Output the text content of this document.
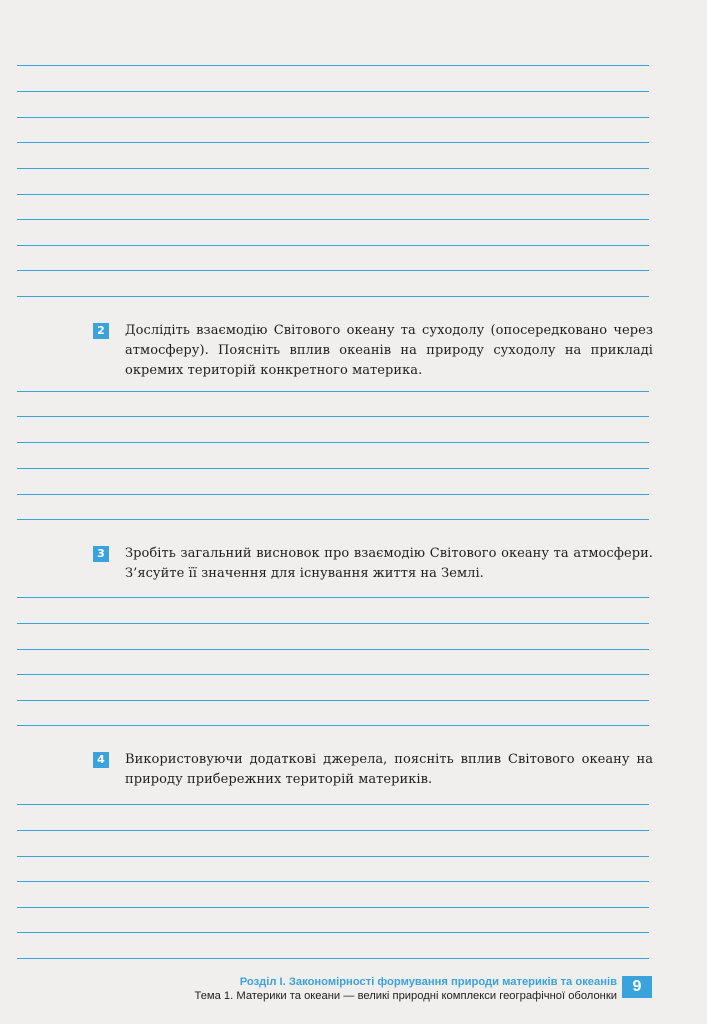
2	Дослідіть взаємодію Світового океану та суходолу (опосередковано через атмосферу). Поясніть вплив океанів на природу суходолу на прикладі окремих територій конкретного материка.
3	Зробіть загальний висновок про взаємодію Світового океану та атмосфери. З’ясуйте її значення для існування життя на Землі.
4	Використовуючи додаткові джерела, поясніть вплив Світового океану на природу прибережних територій материків.
Розділ І. Закономірності формування природи материків та океанів
Тема 1. Материки та океани — великі природні комплекси географічної оболонки
9
